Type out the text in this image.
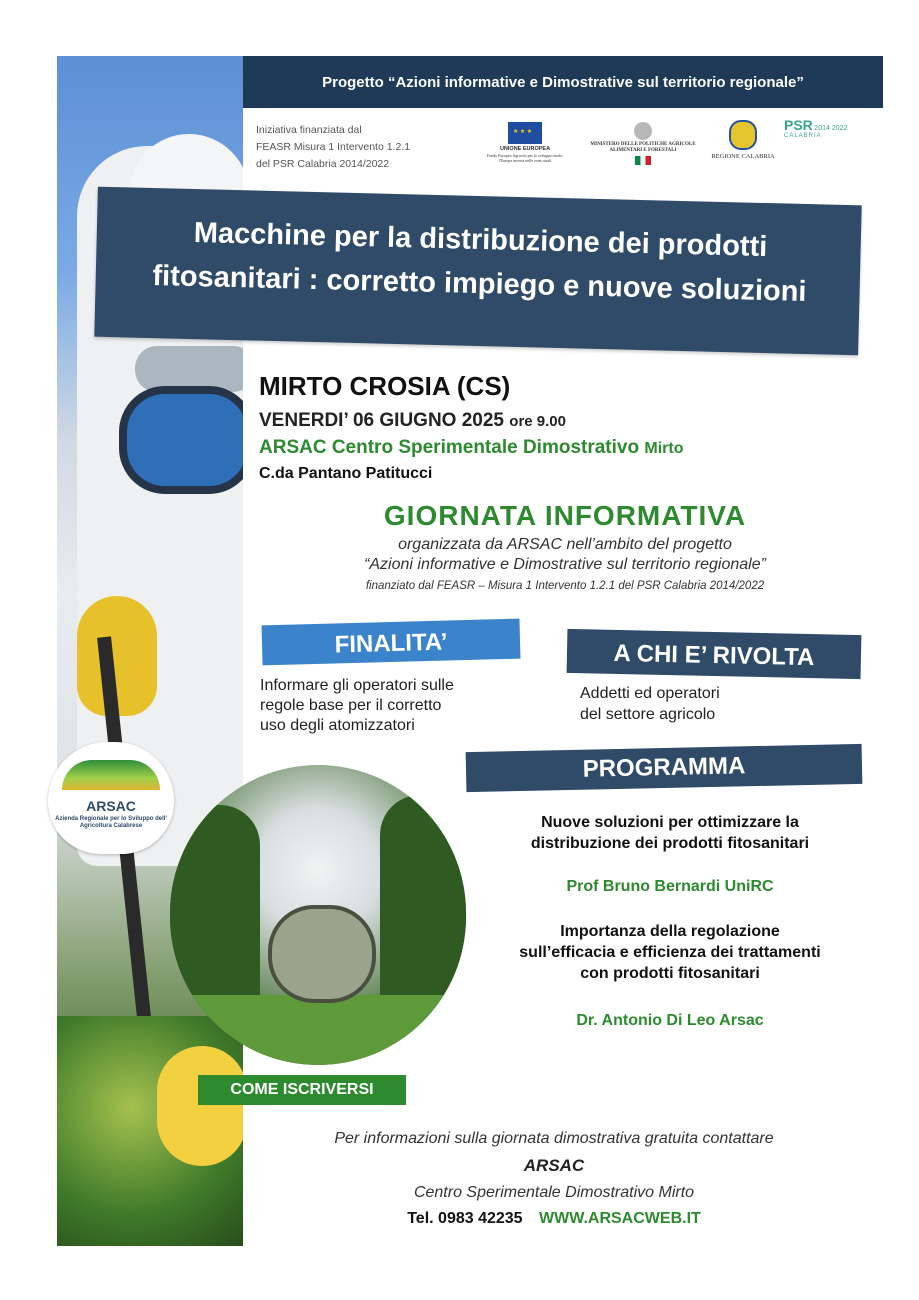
Progetto “Azioni informative e Dimostrative sul territorio regionale”
Iniziativa finanziata dal
FEASR Misura 1 Intervento 1.2.1
del PSR Calabria 2014/2022
★ ★ ★
UNIONE EUROPEA
Fondo Europeo Agricolo per lo sviluppo rurale: l'Europa investe nelle zone rurali
MINISTERO DELLE POLITICHE AGRICOLE ALIMENTARI E FORESTALI
REGIONE CALABRIA
PSR 2014 2022
CALABRIA
Macchine per la distribuzione dei prodotti
fitosanitari : corretto impiego e nuove soluzioni
MIRTO CROSIA (CS)
VENERDI’ 06 GIUGNO 2025 ore 9.00
ARSAC Centro Sperimentale Dimostrativo Mirto
C.da Pantano Patitucci
GIORNATA INFORMATIVA
organizzata da ARSAC nell’ambito del progetto
“Azioni informative e Dimostrative sul territorio regionale”
finanziato dal FEASR – Misura 1 Intervento 1.2.1 del PSR Calabria 2014/2022
FINALITA’	A CHI E’ RIVOLTA
Informare gli operatori sulle
regole base per il corretto
uso degli atomizzatori
Addetti ed operatori
del settore agricolo
PROGRAMMA
Nuove soluzioni per ottimizzare la
distribuzione dei prodotti fitosanitari
Prof Bruno Bernardi UniRC
Importanza della regolazione
sull’efficacia e efficienza dei trattamenti
con prodotti fitosanitari
Dr. Antonio Di Leo Arsac
ARSAC
Azienda Regionale per lo Sviluppo dell' Agricoltura Calabrese
COME ISCRIVERSI
Per informazioni sulla giornata dimostrativa gratuita contattare
ARSAC
Centro Sperimentale Dimostrativo Mirto
Tel. 0983 42235 WWW.ARSACWEB.IT
